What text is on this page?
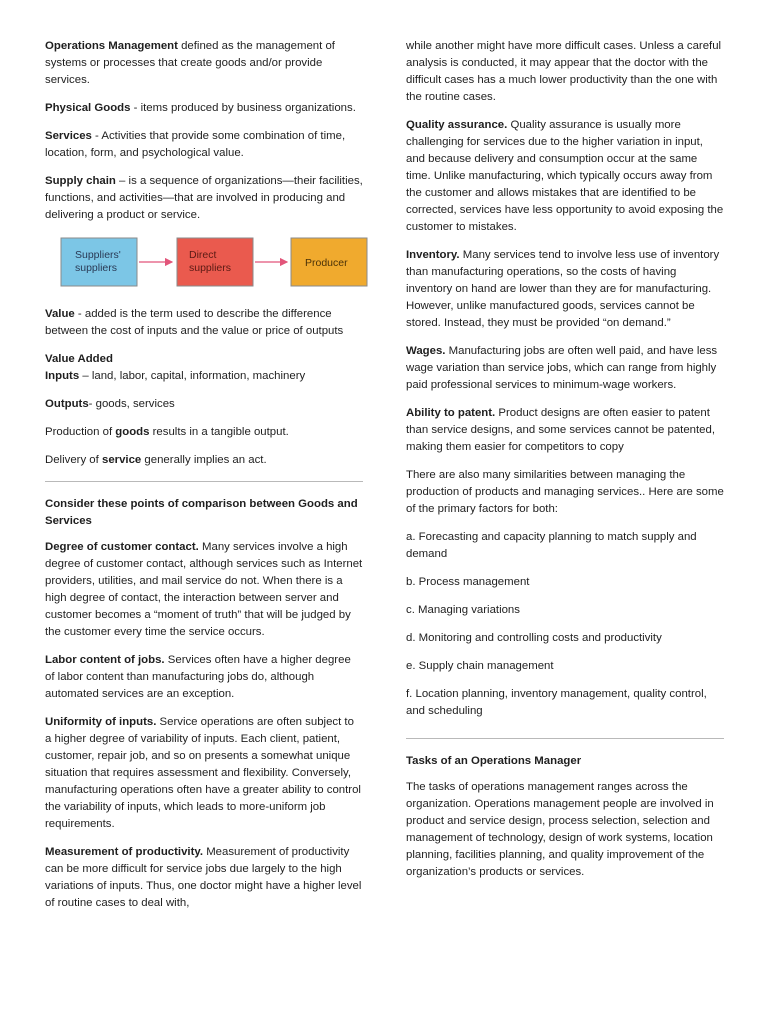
Operations Management defined as the management of systems or processes that create goods and/or provide services.

Physical Goods - items produced by business organizations.

Services - Activities that provide some combination of time, location, form, and psychological value.

Supply chain – is a sequence of organizations—their facilities, functions, and activities—that are involved in producing and delivering a product or service.

Suppliers'
suppliers
Direct
suppliers	Producer

Value - added is the term used to describe the difference between the cost of inputs and the value or price of outputs

Value Added
Inputs – land, labor, capital, information, machinery

Outputs- goods, services

Production of goods results in a tangible output.

Delivery of service generally implies an act.

Consider these points of comparison between Goods and Services

Degree of customer contact. Many services involve a high degree of customer contact, although services such as Internet providers, utilities, and mail service do not. When there is a high degree of contact, the interaction between server and customer becomes a “moment of truth” that will be judged by the customer every time the service occurs.

Labor content of jobs. Services often have a higher degree of labor content than manufacturing jobs do, although automated services are an exception.

Uniformity of inputs. Service operations are often subject to a higher degree of variability of inputs. Each client, patient, customer, repair job, and so on presents a somewhat unique situation that requires assessment and flexibility. Conversely, manufacturing operations often have a greater ability to control the variability of inputs, which leads to more-uniform job requirements.

Measurement of productivity. Measurement of productivity can be more difficult for service jobs due largely to the high variations of inputs. Thus, one doctor might have a higher level of routine cases to deal with,

while another might have more difficult cases. Unless a careful analysis is conducted, it may appear that the doctor with the difficult cases has a much lower productivity than the one with the routine cases.

Quality assurance. Quality assurance is usually more challenging for services due to the higher variation in input, and because delivery and consumption occur at the same time. Unlike manufacturing, which typically occurs away from the customer and allows mistakes that are identified to be corrected, services have less opportunity to avoid exposing the customer to mistakes.

Inventory. Many services tend to involve less use of inventory than manufacturing operations, so the costs of having inventory on hand are lower than they are for manufacturing. However, unlike manufactured goods, services cannot be stored. Instead, they must be provided “on demand.”

Wages. Manufacturing jobs are often well paid, and have less wage variation than service jobs, which can range from highly paid professional services to minimum-wage workers.

Ability to patent. Product designs are often easier to patent than service designs, and some services cannot be patented, making them easier for competitors to copy

There are also many similarities between managing the production of products and managing services.. Here are some of the primary factors for both:

a. Forecasting and capacity planning to match supply and demand

b. Process management

c. Managing variations

d. Monitoring and controlling costs and productivity

e. Supply chain management

f. Location planning, inventory management, quality control, and scheduling

Tasks of an Operations Manager

The tasks of operations management ranges across the organization. Operations management people are involved in product and service design, process selection, selection and management of technology, design of work systems, location planning, facilities planning, and quality improvement of the organization’s products or services.
